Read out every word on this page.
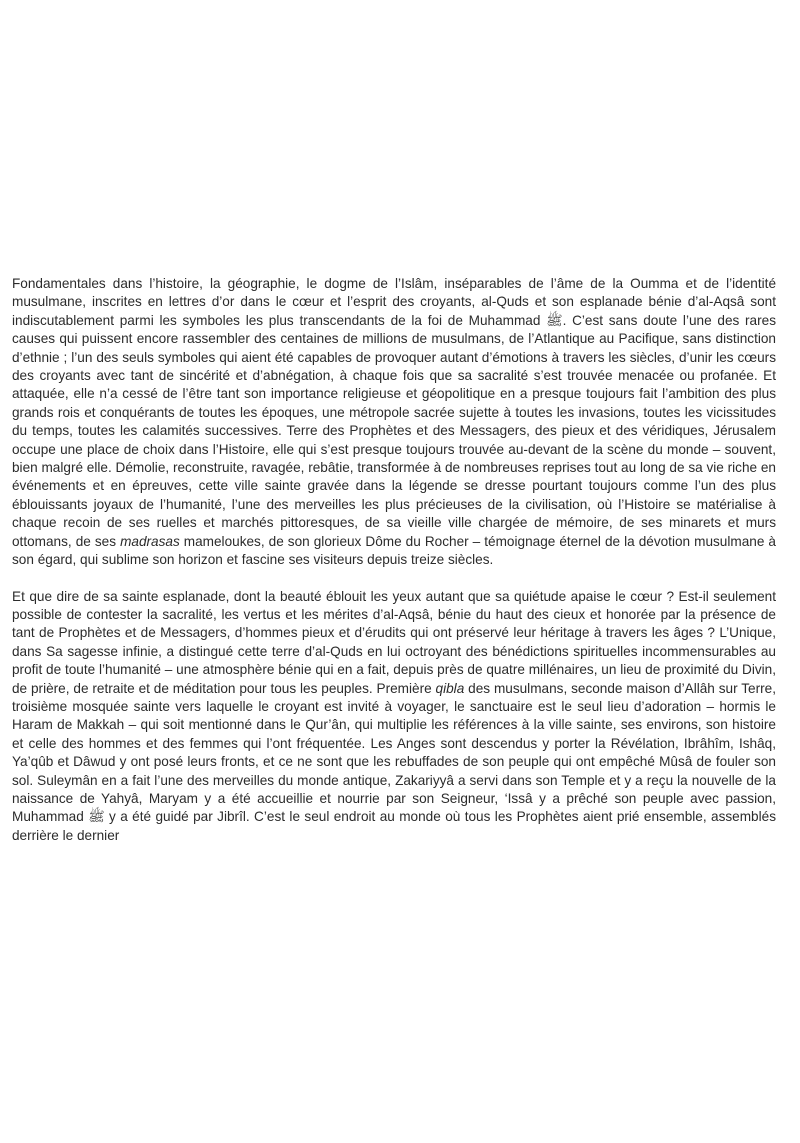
Fondamentales dans l’histoire, la géographie, le dogme de l’Islâm, inséparables de l’âme de la Oumma et de l’identité musulmane, inscrites en lettres d’or dans le cœur et l’esprit des croyants, al-Quds et son esplanade bénie d’al-Aqsâ sont indiscutablement parmi les symboles les plus transcendants de la foi de Muhammad ﷺ. C’est sans doute l’une des rares causes qui puissent encore rassembler des centaines de millions de musulmans, de l’Atlantique au Pacifique, sans distinction d’ethnie ; l’un des seuls symboles qui aient été capables de provoquer autant d’émotions à travers les siècles, d’unir les cœurs des croyants avec tant de sincérité et d’abnégation, à chaque fois que sa sacralité s’est trouvée menacée ou profanée. Et attaquée, elle n’a cessé de l’être tant son importance religieuse et géopolitique en a presque toujours fait l’ambition des plus grands rois et conquérants de toutes les époques, une métropole sacrée sujette à toutes les invasions, toutes les vicissitudes du temps, toutes les calamités successives. Terre des Prophètes et des Messagers, des pieux et des véridiques, Jérusalem occupe une place de choix dans l’Histoire, elle qui s’est presque toujours trouvée au-devant de la scène du monde – souvent, bien malgré elle. Démolie, reconstruite, ravagée, rebâtie, transformée à de nombreuses reprises tout au long de sa vie riche en événements et en épreuves, cette ville sainte gravée dans la légende se dresse pourtant toujours comme l’un des plus éblouissants joyaux de l’humanité, l’une des merveilles les plus précieuses de la civilisation, où l’Histoire se matérialise à chaque recoin de ses ruelles et marchés pittoresques, de sa vieille ville chargée de mémoire, de ses minarets et murs ottomans, de ses madrasas mameloukes, de son glorieux Dôme du Rocher – témoignage éternel de la dévotion musulmane à son égard, qui sublime son horizon et fascine ses visiteurs depuis treize siècles.

Et que dire de sa sainte esplanade, dont la beauté éblouit les yeux autant que sa quiétude apaise le cœur ? Est-il seulement possible de contester la sacralité, les vertus et les mérites d’al-Aqsâ, bénie du haut des cieux et honorée par la présence de tant de Prophètes et de Messagers, d’hommes pieux et d’érudits qui ont préservé leur héritage à travers les âges ? L’Unique, dans Sa sagesse infinie, a distingué cette terre d’al-Quds en lui octroyant des bénédictions spirituelles incommensurables au profit de toute l’humanité – une atmosphère bénie qui en a fait, depuis près de quatre millénaires, un lieu de proximité du Divin, de prière, de retraite et de méditation pour tous les peuples. Première qibla des musulmans, seconde maison d’Allâh sur Terre, troisième mosquée sainte vers laquelle le croyant est invité à voyager, le sanctuaire est le seul lieu d’adoration – hormis le Haram de Makkah – qui soit mentionné dans le Qur’ân, qui multiplie les références à la ville sainte, ses environs, son histoire et celle des hommes et des femmes qui l’ont fréquentée. Les Anges sont descendus y porter la Révélation, Ibrâhîm, Ishâq, Ya’qûb et Dâwud y ont posé leurs fronts, et ce ne sont que les rebuffades de son peuple qui ont empêché Mûsâ de fouler son sol. Suleymân en a fait l’une des merveilles du monde antique, Zakariyyâ a servi dans son Temple et y a reçu la nouvelle de la naissance de Yahyâ, Maryam y a été accueillie et nourrie par son Seigneur, ‘Issâ y a prêché son peuple avec passion, Muhammad ﷺ y a été guidé par Jibrîl. C’est le seul endroit au monde où tous les Prophètes aient prié ensemble, assemblés derrière le dernier
